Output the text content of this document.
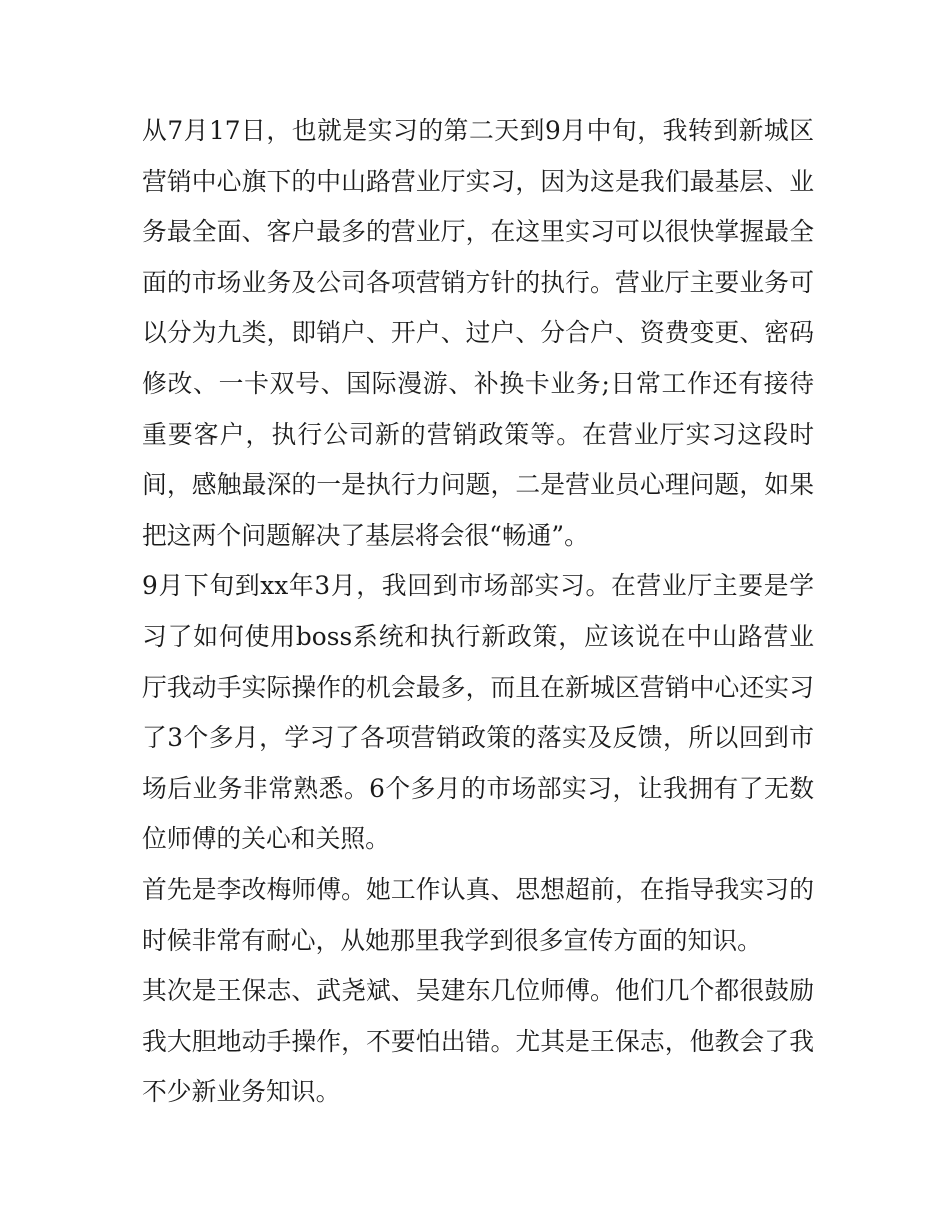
从7月17日，也就是实习的第二天到9月中旬，我转到新城区
营销中心旗下的中山路营业厅实习，因为这是我们最基层、业
务最全面、客户最多的营业厅，在这里实习可以很快掌握最全
面的市场业务及公司各项营销方针的执行。营业厅主要业务可
以分为九类，即销户、开户、过户、分合户、资费变更、密码
修改、一卡双号、国际漫游、补换卡业务;日常工作还有接待
重要客户，执行公司新的营销政策等。在营业厅实习这段时
间，感触最深的一是执行力问题，二是营业员心理问题，如果
把这两个问题解决了基层将会很“畅通”。
9月下旬到xx年3月，我回到市场部实习。在营业厅主要是学
习了如何使用boss系统和执行新政策，应该说在中山路营业
厅我动手实际操作的机会最多，而且在新城区营销中心还实习
了3个多月，学习了各项营销政策的落实及反馈，所以回到市
场后业务非常熟悉。6个多月的市场部实习，让我拥有了无数
位师傅的关心和关照。
首先是李改梅师傅。她工作认真、思想超前，在指导我实习的
时候非常有耐心，从她那里我学到很多宣传方面的知识。
其次是王保志、武尧斌、吴建东几位师傅。他们几个都很鼓励
我大胆地动手操作，不要怕出错。尤其是王保志，他教会了我
不少新业务知识。
